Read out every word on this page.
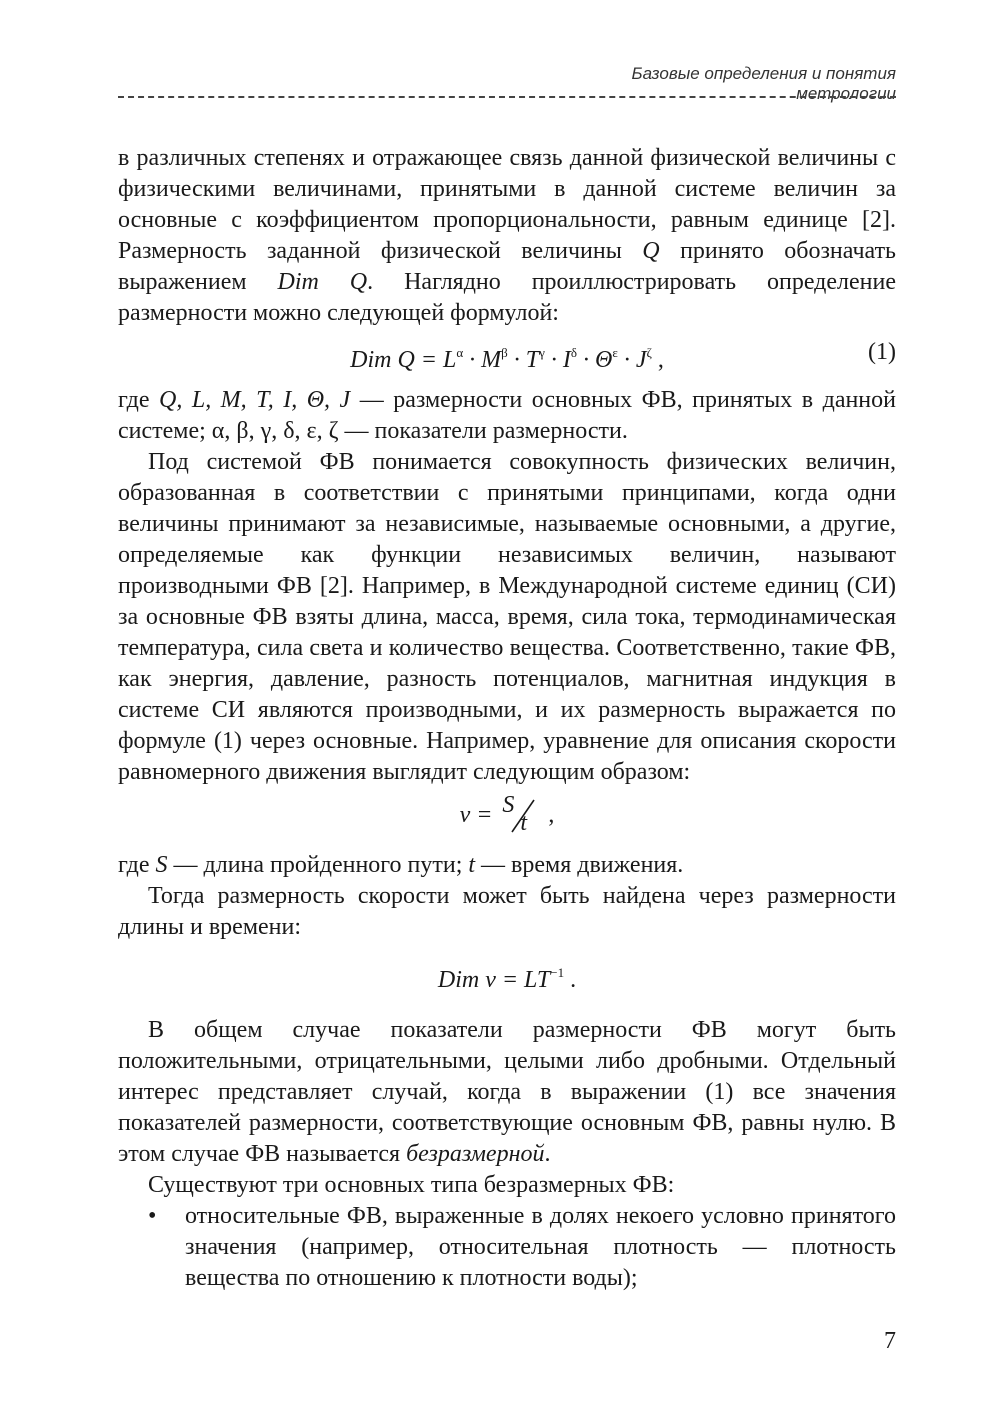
Базовые определения и понятия метрологии

в различных степенях и отражающее связь данной физической величины с физическими величинами, принятыми в данной системе величин за основные с коэффициентом пропорциональности, равным единице [2]. Размерность заданной физической величины Q принято обозначать выражением Dim Q. Наглядно проиллюстрировать определение размерности можно следующей формулой:

Dim $Q = L^\alpha \cdot M^\beta \cdot T^\gamma \cdot I^\delta \cdot \Theta^\varepsilon \cdot J^\zeta$ ,	(1)

где Q, L, M, T, I, Θ, J — размерности основных ФВ, принятых в данной системе; α, β, γ, δ, ε, ζ — показатели размерности.

Под системой ФВ понимается совокупность физических величин, образованная в соответствии с принятыми принципами, когда одни величины принимают за независимые, называемые основными, а другие, определяемые как функции независимых величин, называют производными ФВ [2]. Например, в Международной системе единиц (СИ) за основные ФВ взяты длина, масса, время, сила тока, термодинамическая температура, сила света и количество вещества. Соответственно, такие ФВ, как энергия, давление, разность потенциалов, магнитная индукция в системе СИ являются производными, и их размерность выражается по формуле (1) через основные. Например, уравнение для описания скорости равномерного движения выглядит следующим образом:

v = S
t ,

где S — длина пройденного пути; t — время движения.

Тогда размерность скорости может быть найдена через размерности длины и времени:

Dim $v = LT^{-1}$ .

В общем случае показатели размерности ФВ могут быть положительными, отрицательными, целыми либо дробными. Отдельный интерес представляет случай, когда в выражении (1) все значения показателей размерности, соответствующие основным ФВ, равны нулю. В этом случае ФВ называется безразмерной.

Существуют три основных типа безразмерных ФВ:

•	относительные ФВ, выраженные в долях некоего условно принятого значения (например, относительная плотность — плотность вещества по отношению к плотности воды);
7
